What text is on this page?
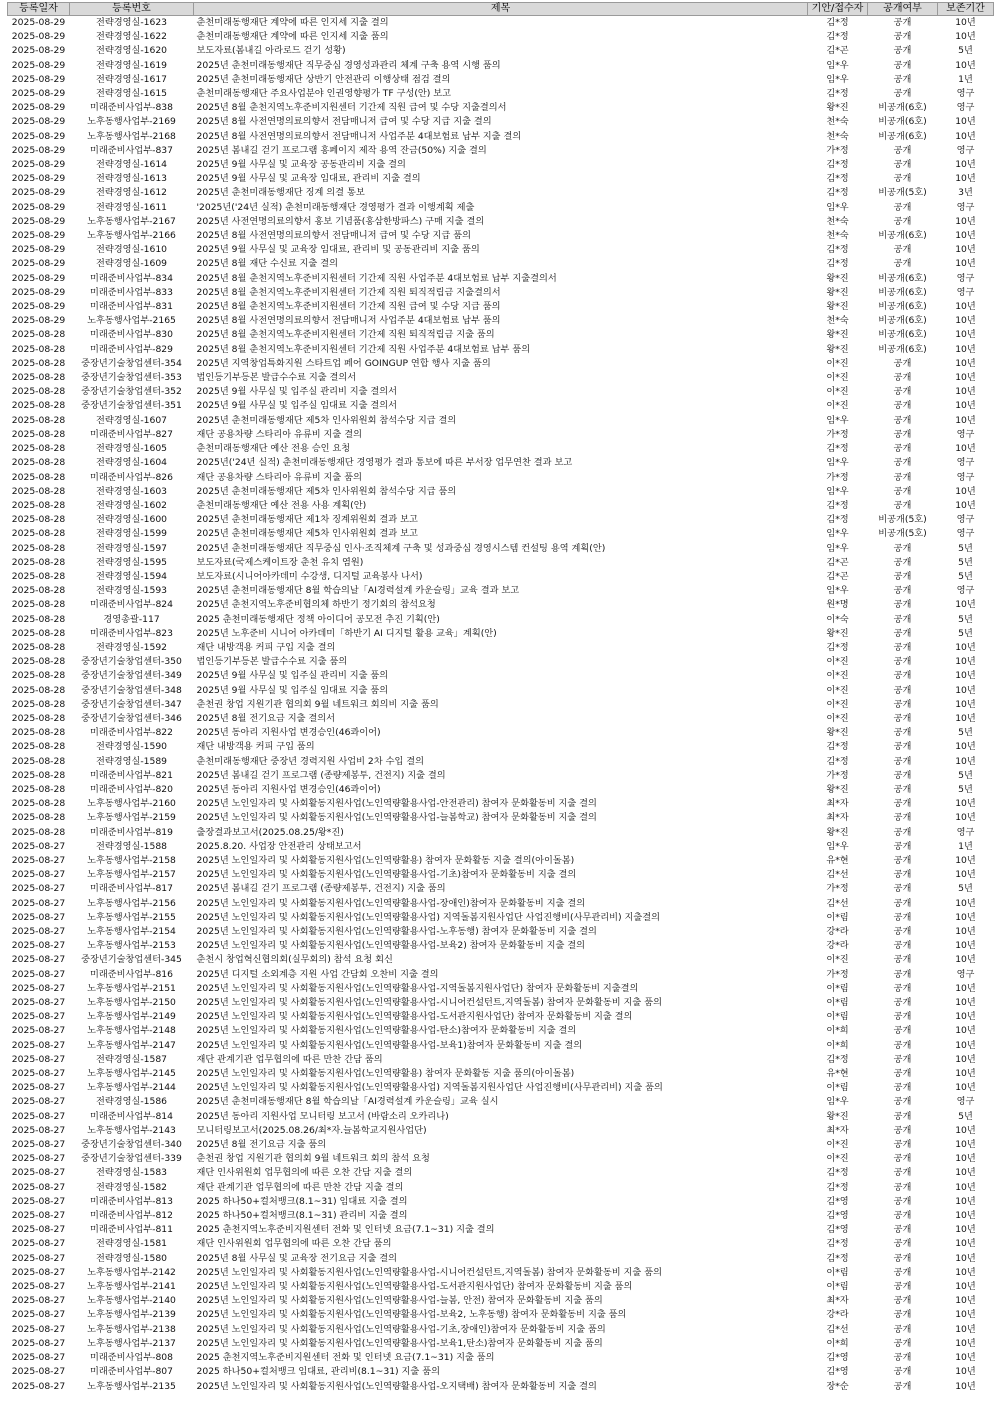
등록일자	등록번호	제목	기안/접수자	공개여부	보존기간
2025-08-29	전략경영실-1623	춘천미래동행재단 계약에 따른 인지세 지출 결의	김*정	공개	10년
2025-08-29	전략경영실-1622	춘천미래동행재단 계약에 따른 인지세 지출 품의	김*정	공개	10년
2025-08-29	전략경영실-1620	보도자료(봄내길 아라로드 걷기 성황)	김*곤	공개	5년
2025-08-29	전략경영실-1619	2025년 춘천미래동행재단 직무중심 경영성과관리 체계 구축 용역 시행 품의	임*우	공개	10년
2025-08-29	전략경영실-1617	2025년 춘천미래동행재단 상반기 안전관리 이행상태 점검 결의	임*우	공개	1년
2025-08-29	전략경영실-1615	춘천미래동행재단 주요사업분야 인권영향평가 TF 구성(안) 보고	김*정	공개	영구
2025-08-29	미래준비사업부-838	2025년 8월 춘천지역노후준비지원센터 기간제 직원 급여 및 수당 지출결의서	왕*진	비공개(6호)	영구
2025-08-29	노후동행사업부-2169	2025년 8월 사전연명의료의향서 전담매니저 급여 및 수당 지급 지출 결의	천*숙	비공개(6호)	10년
2025-08-29	노후동행사업부-2168	2025년 8월 사전연명의료의향서 전담매니저 사업주분 4대보험료 납부 지출 결의	천*숙	비공개(6호)	10년
2025-08-29	미래준비사업부-837	2025년 봄내길 걷기 프로그램 홍페이지 제작 용역 잔금(50%) 지출 결의	가*정	공개	영구
2025-08-29	전략경영실-1614	2025년 9월 사무실 및 교육장 공동관리비 지출 결의	김*정	공개	10년
2025-08-29	전략경영실-1613	2025년 9월 사무실 및 교육장 임대료, 관리비 지출 결의	김*정	공개	10년
2025-08-29	전략경영실-1612	2025년 춘천미래동행재단 징계 의결 통보	김*정	비공개(5호)	3년
2025-08-29	전략경영실-1611	'2025년('24년 실적) 춘천미래동행재단 경영평가 결과 이행계획 제출	임*우	공개	영구
2025-08-29	노후동행사업부-2167	2025년 사전연명의료의향서 홍보 기념품(홍삼한방파스) 구매 지출 결의	천*숙	공개	10년
2025-08-29	노후동행사업부-2166	2025년 8월 사전연명의료의향서 전담매니저 급여 및 수당 지급 품의	천*숙	비공개(6호)	10년
2025-08-29	전략경영실-1610	2025년 9월 사무실 및 교육장 임대료, 관리비 및 공동관리비 지출 품의	김*정	공개	10년
2025-08-29	전략경영실-1609	2025년 8월 재단 수신료 지출 결의	김*정	공개	10년
2025-08-29	미래준비사업부-834	2025년 8월 춘천지역노후준비지원센터 기간제 직원 사업주분 4대보험료 납부 지출결의서	왕*진	비공개(6호)	영구
2025-08-29	미래준비사업부-833	2025년 8월 춘천지역노후준비지원센터 기간제 직원 퇴직적립금 지출결의서	왕*진	비공개(6호)	영구
2025-08-29	미래준비사업부-831	2025년 8월 춘천지역노후준비지원센터 기간제 직원 급여 및 수당 지급 품의	왕*진	비공개(6호)	10년
2025-08-29	노후동행사업부-2165	2025년 8월 사전연명의료의향서 전담매니저 사업주분 4대보험료 납부 품의	천*숙	비공개(6호)	10년
2025-08-28	미래준비사업부-830	2025년 8월 춘천지역노후준비지원센터 기간제 직원 퇴직적립금 지출 품의	왕*진	비공개(6호)	10년
2025-08-28	미래준비사업부-829	2025년 8월 춘천지역노후준비지원센터 기간제 직원 사업주분 4대보험료 납부 품의	왕*진	비공개(6호)	10년
2025-08-28	중장년기술창업센터-354	2025년 지역창업특화지원 스타트업 페어 GOINGUP 연합 행사 지출 품의	이*진	공개	10년
2025-08-28	중장년기술창업센터-353	법인등기부등본 발급수수료 지출 결의서	이*진	공개	10년
2025-08-28	중장년기술창업센터-352	2025년 9월 사무실 및 입주실 관리비 지출 결의서	이*진	공개	10년
2025-08-28	중장년기술창업센터-351	2025년 9월 사무실 및 입주실 임대료 지출 결의서	이*진	공개	10년
2025-08-28	전략경영실-1607	2025년 춘천미래동행재단 제5차 인사위원회 참석수당 지급 결의	임*우	공개	10년
2025-08-28	미래준비사업부-827	재단 공용차량 스타리아 유류비 지출 결의	가*정	공개	영구
2025-08-28	전략경영실-1605	춘천미래동행재단 예산 전용 승인 요청	김*정	공개	10년
2025-08-28	전략경영실-1604	2025년('24년 실적) 춘천미래동행재단 경영평가 결과 통보에 따른 부서장 업무연찬 결과 보고	임*우	공개	영구
2025-08-28	미래준비사업부-826	재단 공용차량 스타리아 유류비 지출 품의	가*정	공개	영구
2025-08-28	전략경영실-1603	2025년 춘천미래동행재단 제5차 인사위원회 참석수당 지급 품의	임*우	공개	10년
2025-08-28	전략경영실-1602	춘천미래동행재단 예산 전용 사용 계획(안)	김*정	공개	10년
2025-08-28	전략경영실-1600	2025년 춘천미래동행재단 제1차 징계위원회 결과 보고	김*정	비공개(5호)	영구
2025-08-28	전략경영실-1599	2025년 춘천미래동행재단 제5차 인사위원회 결과 보고	임*우	비공개(5호)	영구
2025-08-28	전략경영실-1597	2025년 춘천미래동행재단 직무중심 인사·조직체계 구축 및 성과중심 경영시스템 컨설팅 용역 계획(안)	임*우	공개	5년
2025-08-28	전략경영실-1595	보도자료(국제스케이트장 춘천 유치 염원)	김*곤	공개	5년
2025-08-28	전략경영실-1594	보도자료(시니어아카데미 수강생, 디지털 교육봉사 나서)	김*곤	공개	5년
2025-08-28	전략경영실-1593	2025년 춘천미래동행재단 8월 학습의날「AI경력설계 카운슬링」교육 결과 보고	임*우	공개	영구
2025-08-28	미래준비사업부-824	2025년 춘천지역노후준비협의체 하반기 정기회의 참석요청	원*명	공개	10년
2025-08-28	경영총괄-117	2025 춘천미래동행재단 정책 아이디어 공모전 추진 기획(안)	이*숙	공개	5년
2025-08-28	미래준비사업부-823	2025년 노후준비 시니어 아카데미「하반기 AI 디지털 활용 교육」계획(안)	왕*진	공개	5년
2025-08-28	전략경영실-1592	재단 내방객용 커피 구입 지출 결의	김*정	공개	10년
2025-08-28	중장년기술창업센터-350	법인등기부등본 발급수수료 지출 품의	이*진	공개	10년
2025-08-28	중장년기술창업센터-349	2025년 9월 사무실 및 입주실 관리비 지출 품의	이*진	공개	10년
2025-08-28	중장년기술창업센터-348	2025년 9월 사무실 및 입주실 임대료 지출 품의	이*진	공개	10년
2025-08-28	중장년기술창업센터-347	춘천권 창업 지원기관 협의회 9월 네트워크 회의비 지출 품의	이*진	공개	10년
2025-08-28	중장년기술창업센터-346	2025년 8월 전기요금 지출 결의서	이*진	공개	10년
2025-08-28	미래준비사업부-822	2025년 동아리 지원사업 변경승인(46콰이어)	왕*진	공개	5년
2025-08-28	전략경영실-1590	재단 내방객용 커피 구입 품의	김*정	공개	10년
2025-08-28	전략경영실-1589	춘천미래동행재단 중장년 경력지원 사업비 2차 수입 결의	김*정	공개	10년
2025-08-28	미래준비사업부-821	2025년 봄내길 걷기 프로그램 (종량제봉투, 건전지) 지출 결의	가*정	공개	5년
2025-08-28	미래준비사업부-820	2025년 동아리 지원사업 변경승인(46콰이어)	왕*진	공개	5년
2025-08-28	노후동행사업부-2160	2025년 노인일자리 및 사회활동지원사업(노인역량활용사업-안전관리) 참여자 문화활동비 지출 결의	최*자	공개	10년
2025-08-28	노후동행사업부-2159	2025년 노인일자리 및 사회활동지원사업(노인역량활용사업-늘봄학교) 참여자 문화활동비 지출 결의	최*자	공개	10년
2025-08-28	미래준비사업부-819	출장결과보고서(2025.08.25/왕*진)	왕*진	공개	영구
2025-08-27	전략경영실-1588	2025.8.20. 사업장 안전관리 상태보고서	임*우	공개	1년
2025-08-27	노후동행사업부-2158	2025년 노인일자리 및 사회활동지원사업(노인역량활용) 참여자 문화활동 지출 결의(아이돌봄)	유*현	공개	10년
2025-08-27	노후동행사업부-2157	2025년 노인일자리 및 사회활동지원사업(노인역량활용사업-기초)참여자 문화활동비 지출 결의	김*선	공개	10년
2025-08-27	미래준비사업부-817	2025년 봄내길 걷기 프로그램 (종량제봉투, 건전지) 지출 품의	가*정	공개	5년
2025-08-27	노후동행사업부-2156	2025년 노인일자리 및 사회활동지원사업(노인역량활용사업-장애인)참여자 문화활동비 지출 결의	김*선	공개	10년
2025-08-27	노후동행사업부-2155	2025년 노인일자리 및 사회활동지원사업(노인역량활용사업) 지역돌봄지원사업단 사업진행비(사무관리비) 지출결의	이*림	공개	10년
2025-08-27	노후동행사업부-2154	2025년 노인일자리 및 사회활동지원사업(노인역량활용사업-노후동행) 참여자 문화활동비 지출 결의	강*라	공개	10년
2025-08-27	노후동행사업부-2153	2025년 노인일자리 및 사회활동지원사업(노인역량활용사업-보육2) 참여자 문화활동비 지출 결의	강*라	공개	10년
2025-08-27	중장년기술창업센터-345	춘천시 창업혁신협의회(실무회의) 참석 요청 회신	이*진	공개	10년
2025-08-27	미래준비사업부-816	2025년 디지털 소외계층 지원 사업 간담회 오찬비 지출 결의	가*정	공개	영구
2025-08-27	노후동행사업부-2151	2025년 노인일자리 및 사회활동지원사업(노인역량활용사업-지역돌봄지원사업단) 참여자 문화활동비 지출결의	이*림	공개	10년
2025-08-27	노후동행사업부-2150	2025년 노인일자리 및 사회활동지원사업(노인역량활용사업-시니어컨설턴트,지역돌봄) 참여자 문화활동비 지출 품의	이*림	공개	10년
2025-08-27	노후동행사업부-2149	2025년 노인일자리 및 사회활동지원사업(노인역량활용사업-도서관지원사업단) 참여자 문화활동비 지출 결의	이*림	공개	10년
2025-08-27	노후동행사업부-2148	2025년 노인일자리 및 사회활동지원사업(노인역량활용사업-탄소)참여자 문화활동비 지출 결의	이*희	공개	10년
2025-08-27	노후동행사업부-2147	2025년 노인일자리 및 사회활동지원사업(노인역량활용사업-보육1)참여자 문화활동비 지출 결의	이*희	공개	10년
2025-08-27	전략경영실-1587	재단 관계기관 업무협의에 따른 만찬 간담 품의	김*정	공개	10년
2025-08-27	노후동행사업부-2145	2025년 노인일자리 및 사회활동지원사업(노인역량활용) 참여자 문화활동 지출 품의(아이돌봄)	유*현	공개	10년
2025-08-27	노후동행사업부-2144	2025년 노인일자리 및 사회활동지원사업(노인역량활용사업) 지역돌봄지원사업단 사업진행비(사무관리비) 지출 품의	이*림	공개	10년
2025-08-27	전략경영실-1586	2025년 춘천미래동행재단 8월 학습의날「AI경력설계 카운슬링」교육 실시	임*우	공개	영구
2025-08-27	미래준비사업부-814	2025년 동아리 지원사업 모니터링 보고서 (바람소리 오카리나)	왕*진	공개	5년
2025-08-27	노후동행사업부-2143	모니터링보고서(2025.08.26/최*자.늘봄학교지원사업단)	최*자	공개	10년
2025-08-27	중장년기술창업센터-340	2025년 8월 전기요금 지출 품의	이*진	공개	10년
2025-08-27	중장년기술창업센터-339	춘천권 창업 지원기관 협의회 9월 네트워크 회의 참석 요청	이*진	공개	10년
2025-08-27	전략경영실-1583	재단 인사위원회 업무협의에 따른 오찬 간담 지출 결의	김*정	공개	10년
2025-08-27	전략경영실-1582	재단 관계기관 업무협의에 따른 만찬 간담 지출 결의	김*정	공개	10년
2025-08-27	미래준비사업부-813	2025 하나50+컬처뱅크(8.1~31) 임대료 지출 결의	김*영	공개	10년
2025-08-27	미래준비사업부-812	2025 하나50+컬처뱅크(8.1~31) 관리비 지출 결의	김*영	공개	10년
2025-08-27	미래준비사업부-811	2025 춘천지역노후준비지원센터 전화 및 인터넷 요금(7.1~31) 지출 결의	김*영	공개	10년
2025-08-27	전략경영실-1581	재단 인사위원회 업무협의에 따른 오찬 간담 품의	김*정	공개	10년
2025-08-27	전략경영실-1580	2025년 8월 사무실 및 교육장 전기요금 지출 결의	김*정	공개	10년
2025-08-27	노후동행사업부-2142	2025년 노인일자리 및 사회활동지원사업(노인역량활용사업-시니어컨설턴트,지역돌봄) 참여자 문화활동비 지출 품의	이*림	공개	10년
2025-08-27	노후동행사업부-2141	2025년 노인일자리 및 사회활동지원사업(노인역량활용사업-도서관지원사업단) 참여자 문화활동비 지출 품의	이*림	공개	10년
2025-08-27	노후동행사업부-2140	2025년 노인일자리 및 사회활동지원사업(노인역량활용사업-늘봄, 안전) 참여자 문화활동비 지출 품의	최*자	공개	10년
2025-08-27	노후동행사업부-2139	2025년 노인일자리 및 사회활동지원사업(노인역량활용사업-보육2, 노후동행) 참여자 문화활동비 지출 품의	강*라	공개	10년
2025-08-27	노후동행사업부-2138	2025년 노인일자리 및 사회활동지원사업(노인역량활용사업-기초,장애인)참여자 문화활동비 지출 품의	김*선	공개	10년
2025-08-27	노후동행사업부-2137	2025년 노인일자리 및 사회활동지원사업(노인역량활용사업-보육1,탄소)참여자 문화활동비 지출 품의	이*희	공개	10년
2025-08-27	미래준비사업부-808	2025 춘천지역노후준비지원센터 전화 및 인터넷 요금(7.1~31) 지출 품의	김*영	공개	10년
2025-08-27	미래준비사업부-807	2025 하나50+컬처뱅크 임대료, 관리비(8.1~31) 지출 품의	김*영	공개	10년
2025-08-27	노후동행사업부-2135	2025년 노인일자리 및 사회활동지원사업(노인역량활용사업-오지택배) 참여자 문화활동비 지출 결의	장*순	공개	10년
